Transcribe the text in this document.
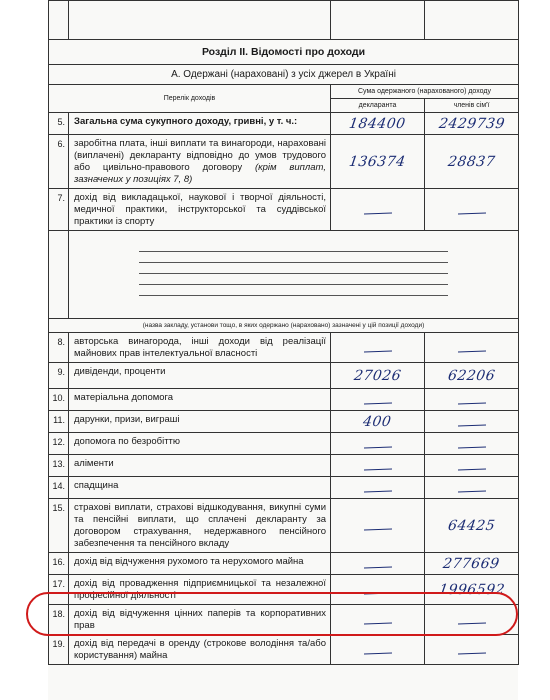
Розділ ІІ. Відомості про доходи			
А. Одержані (нараховані) з усіх джерел в Україні			
Перелік доходів		Сума одержаного (нарахованого) доходу	
		декларанта	членів сім'ї
5.	Загальна сума сукупного доходу, гривні, у т. ч.:	184400	2429739
6.	заробітна плата, інші виплати та винагороди, нараховані (виплачені) декларанту відповідно до умов трудового або цивільно-правового договору (крім виплат, зазначених у позиціях 7, 8)	136374	28837
7.	дохід від викладацької, наукової і творчої діяльності, медичної практики, інструкторської та суддівської практики із спорту		

(назва закладу, установи тощо, в яких одержано (нараховано) зазначені у цій позиції доходи)			
8.	авторська винагорода, інші доходи від реалізації майнових прав інтелектуальної власності		
9.	дивіденди, проценти	27026	62206
10.	матеріальна допомога		
11.	дарунки, призи, виграші	400	
12.	допомога по безробіттю		
13.	аліменти		
14.	спадщина		
15.	страхові виплати, страхові відшкодування, викупні суми та пенсійні виплати, що сплачені декларанту за договором страхування, недержавного пенсійного забезпечення та пенсійного вкладу		64425
16.	дохід від відчуження рухомого та нерухомого майна		277669
17.	дохід від провадження підприємницької та незалежної професійної діяльності		1996592
18.	дохід від відчуження цінних паперів та корпоративних прав		
19.	дохід від передачі в оренду (строкове володіння та/або користування) майна		
